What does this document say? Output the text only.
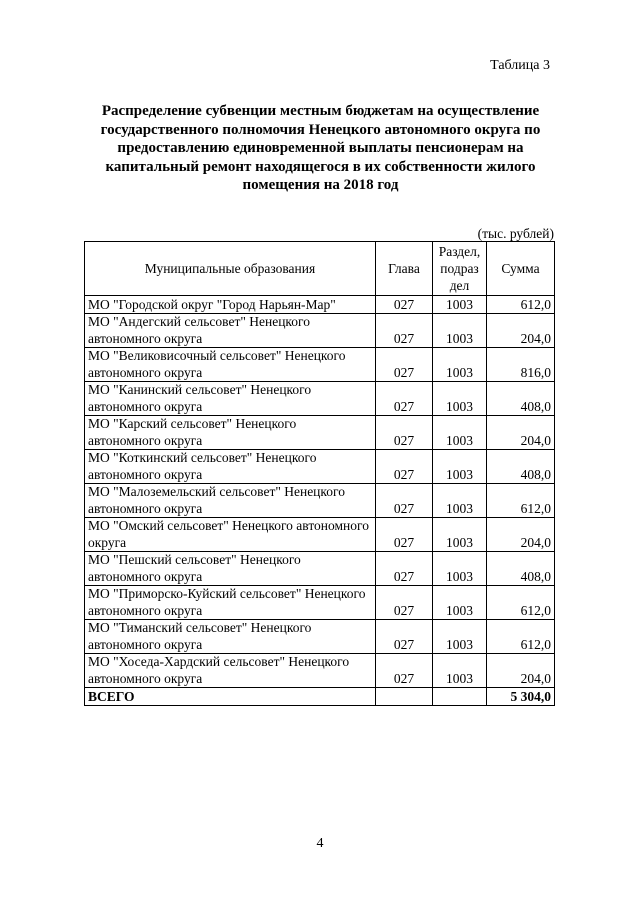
Таблица 3
Распределение субвенции местным бюджетам на осуществление государственного полномочия Ненецкого автономного округа по предоставлению единовременной выплаты пенсионерам на капитальный ремонт находящегося в их собственности жилого помещения на 2018 год
(тыс. рублей)
Муниципальные образования	Глава	Раздел, подраз дел	Сумма
МО "Городской округ "Город Нарьян-Мар"	027	1003	612,0
МО "Андегский сельсовет" Ненецкого автономного округа	027	1003	204,0
МО "Великовисочный сельсовет" Ненецкого автономного округа	027	1003	816,0
МО "Канинский сельсовет" Ненецкого автономного округа	027	1003	408,0
МО "Карский сельсовет" Ненецкого автономного округа	027	1003	204,0
МО "Коткинский сельсовет" Ненецкого автономного округа	027	1003	408,0
МО "Малоземельский сельсовет" Ненецкого автономного округа	027	1003	612,0
МО "Омский сельсовет" Ненецкого автономного округа	027	1003	204,0
МО "Пешский сельсовет" Ненецкого автономного округа	027	1003	408,0
МО "Приморско-Куйский сельсовет" Ненецкого автономного округа	027	1003	612,0
МО "Тиманский сельсовет" Ненецкого автономного округа	027	1003	612,0
МО "Хоседа-Хардский сельсовет" Ненецкого автономного округа	027	1003	204,0
ВСЕГО			5 304,0
4
